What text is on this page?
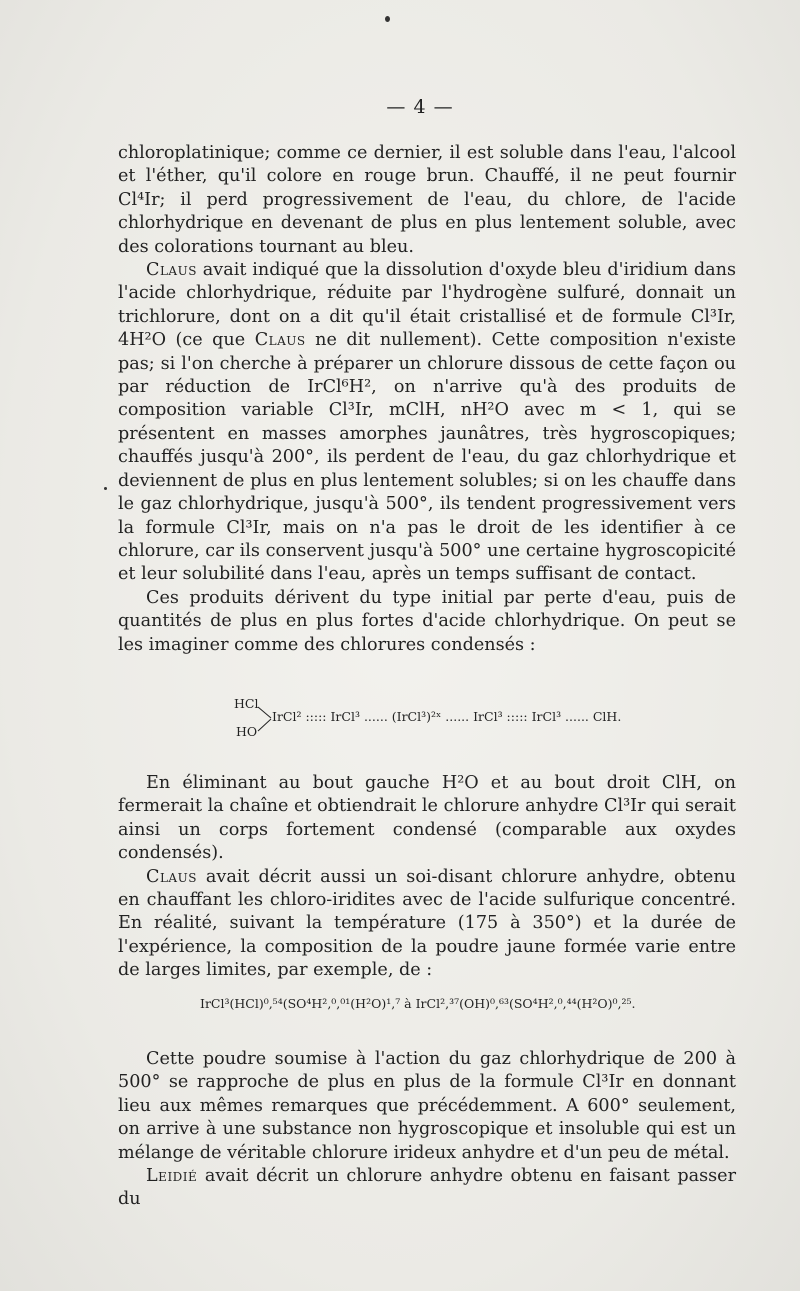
— 4 —

chloroplatinique; comme ce dernier, il est soluble dans l'eau, l'alcool et l'éther, qu'il colore en rouge brun. Chauffé, il ne peut fournir Cl⁴Ir; il perd progressivement de l'eau, du chlore, de l'acide chlorhydrique en devenant de plus en plus lentement soluble, avec des colorations tournant au bleu.

Claus avait indiqué que la dissolution d'oxyde bleu d'iridium dans l'acide chlorhydrique, réduite par l'hydrogène sulfuré, donnait un trichlorure, dont on a dit qu'il était cristallisé et de formule Cl³Ir, 4H²O (ce que Claus ne dit nullement). Cette composition n'existe pas; si l'on cherche à préparer un chlorure dissous de cette façon ou par réduction de IrCl⁶H², on n'arrive qu'à des produits de composition variable Cl³Ir, mClH, nH²O avec m < 1, qui se présentent en masses amorphes jaunâtres, très hygroscopiques; chauffés jusqu'à 200°, ils perdent de l'eau, du gaz chlorhydrique et deviennent de plus en plus lentement solubles; si on les chauffe dans le gaz chlorhydrique, jusqu'à 500°, ils tendent progressivement vers la formule Cl³Ir, mais on n'a pas le droit de les identifier à ce chlorure, car ils conservent jusqu'à 500° une certaine hygroscopicité et leur solubilité dans l'eau, après un temps suffisant de contact.

Ces produits dérivent du type initial par perte d'eau, puis de quantités de plus en plus fortes d'acide chlorhydrique. On peut se les imaginer comme des chlorures condensés :

HCl
HO
IrCl² ::::: IrCl³ ...... (IrCl³)²ˣ ...... IrCl³ ::::: IrCl³ ...... ClH.

En éliminant au bout gauche H²O et au bout droit ClH, on fermerait la chaîne et obtiendrait le chlorure anhydre Cl³Ir qui serait ainsi un corps fortement condensé (comparable aux oxydes condensés).

Claus avait décrit aussi un soi-disant chlorure anhydre, obtenu en chauffant les chloro-iridites avec de l'acide sulfurique concentré. En réalité, suivant la température (175 à 350°) et la durée de l'expérience, la composition de la poudre jaune formée varie entre de larges limites, par exemple, de :

IrCl³(HCl)⁰,⁵⁴(SO⁴H²,⁰,⁰¹(H²O)¹,⁷ à IrCl²,³⁷(OH)⁰,⁶³(SO⁴H²,⁰,⁴⁴(H²O)⁰,²⁵.

Cette poudre soumise à l'action du gaz chlorhydrique de 200 à 500° se rapproche de plus en plus de la formule Cl³Ir en donnant lieu aux mêmes remarques que précédemment. A 600° seulement, on arrive à une substance non hygroscopique et insoluble qui est un mélange de véritable chlorure irideux anhydre et d'un peu de métal.

Leidié avait décrit un chlorure anhydre obtenu en faisant passer du
